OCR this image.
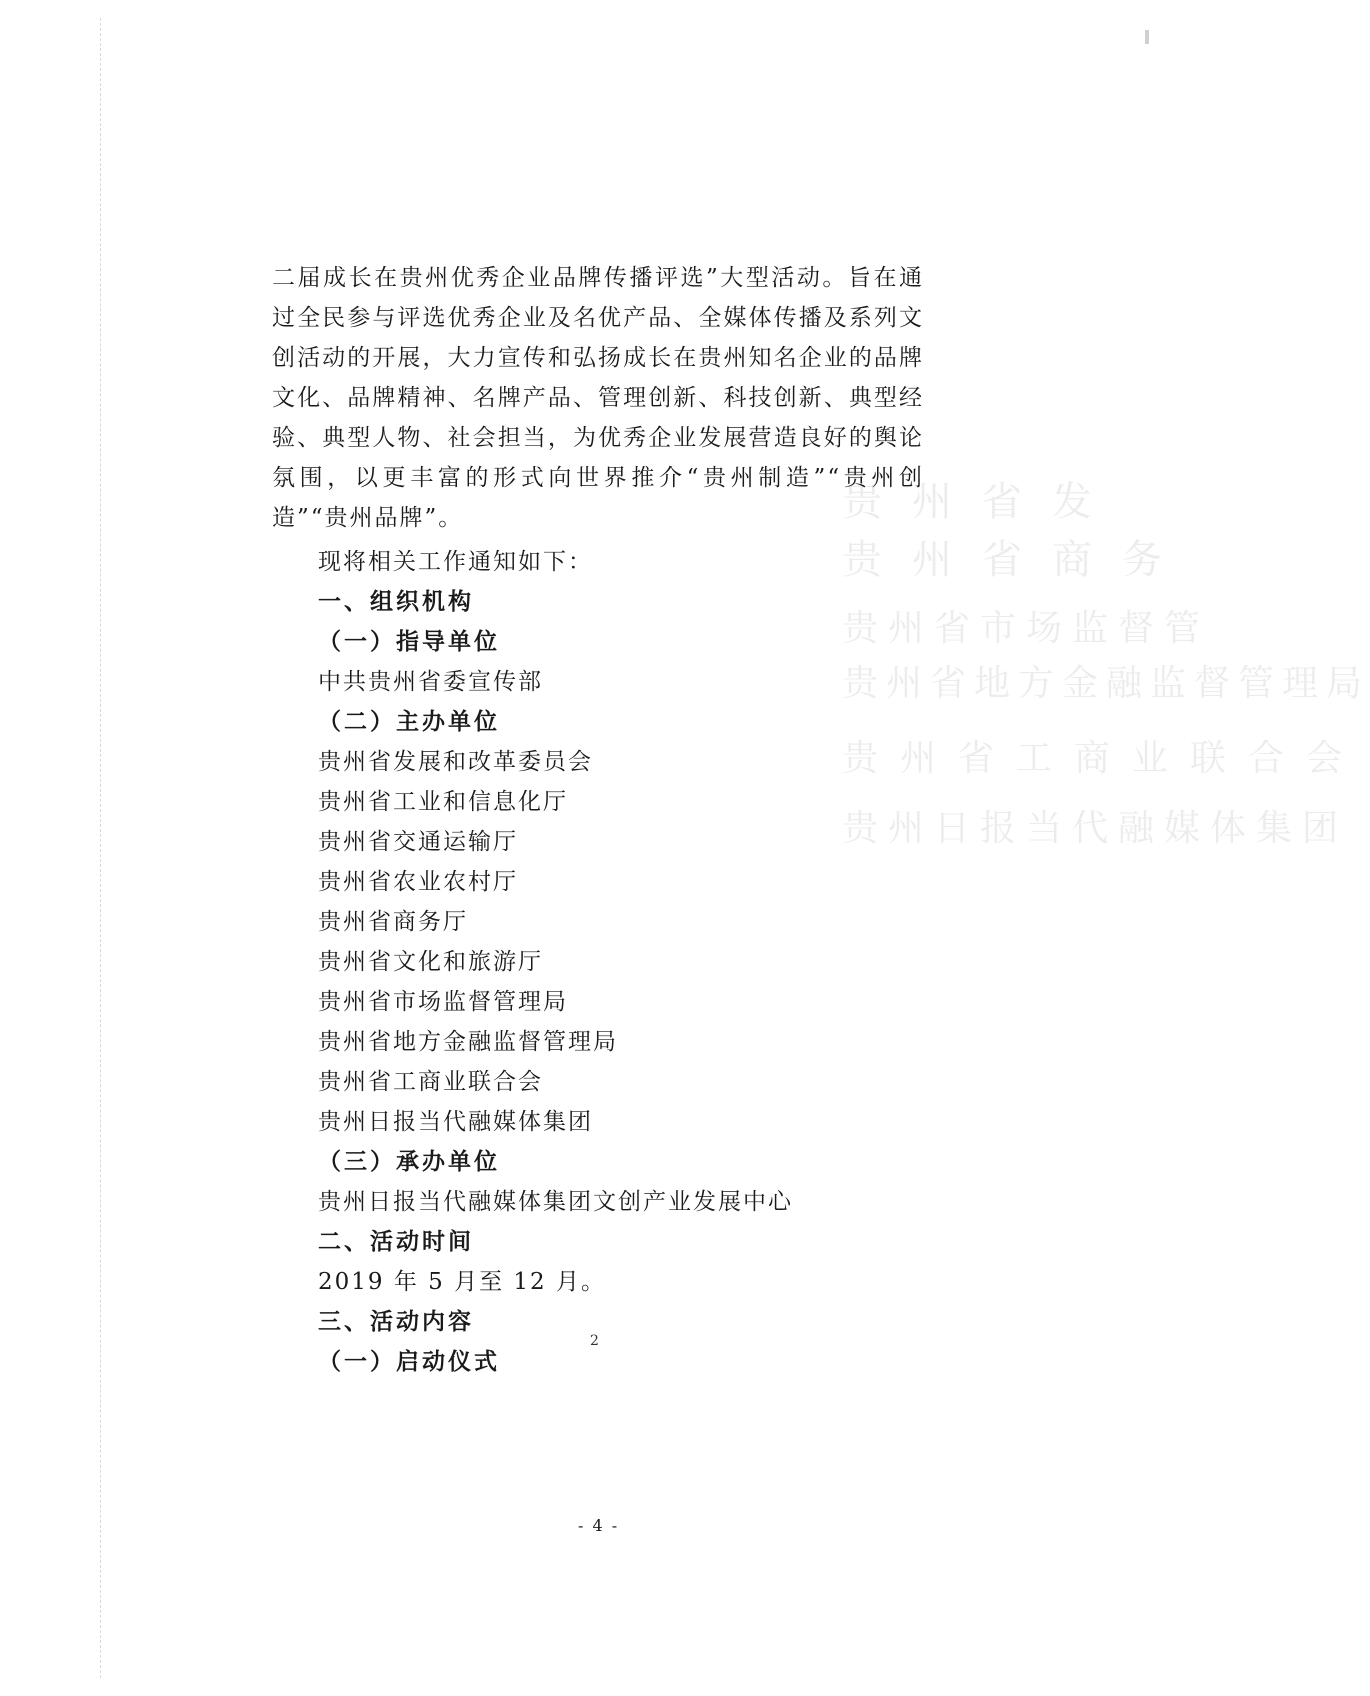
贵州省发
贵州省商务
贵州省市场监督管
贵州省地方金融监督管理局
贵州省工商业联合会
贵州日报当代融媒体集团

二届成长在贵州优秀企业品牌传播评选”大型活动。旨在通过全民参与评选优秀企业及名优产品、全媒体传播及系列文创活动的开展，大力宣传和弘扬成长在贵州知名企业的品牌文化、品牌精神、名牌产品、管理创新、科技创新、典型经验、典型人物、社会担当，为优秀企业发展营造良好的舆论氛围，以更丰富的形式向世界推介“贵州制造”“贵州创造”“贵州品牌”。

现将相关工作通知如下：

一、组织机构

（一）指导单位

中共贵州省委宣传部

（二）主办单位

贵州省发展和改革委员会

贵州省工业和信息化厅

贵州省交通运输厅

贵州省农业农村厅

贵州省商务厅

贵州省文化和旅游厅

贵州省市场监督管理局

贵州省地方金融监督管理局

贵州省工商业联合会

贵州日报当代融媒体集团

（三）承办单位

贵州日报当代融媒体集团文创产业发展中心

二、活动时间

2019 年 5 月至 12 月。

三、活动内容

（一）启动仪式

2
- 4 -
